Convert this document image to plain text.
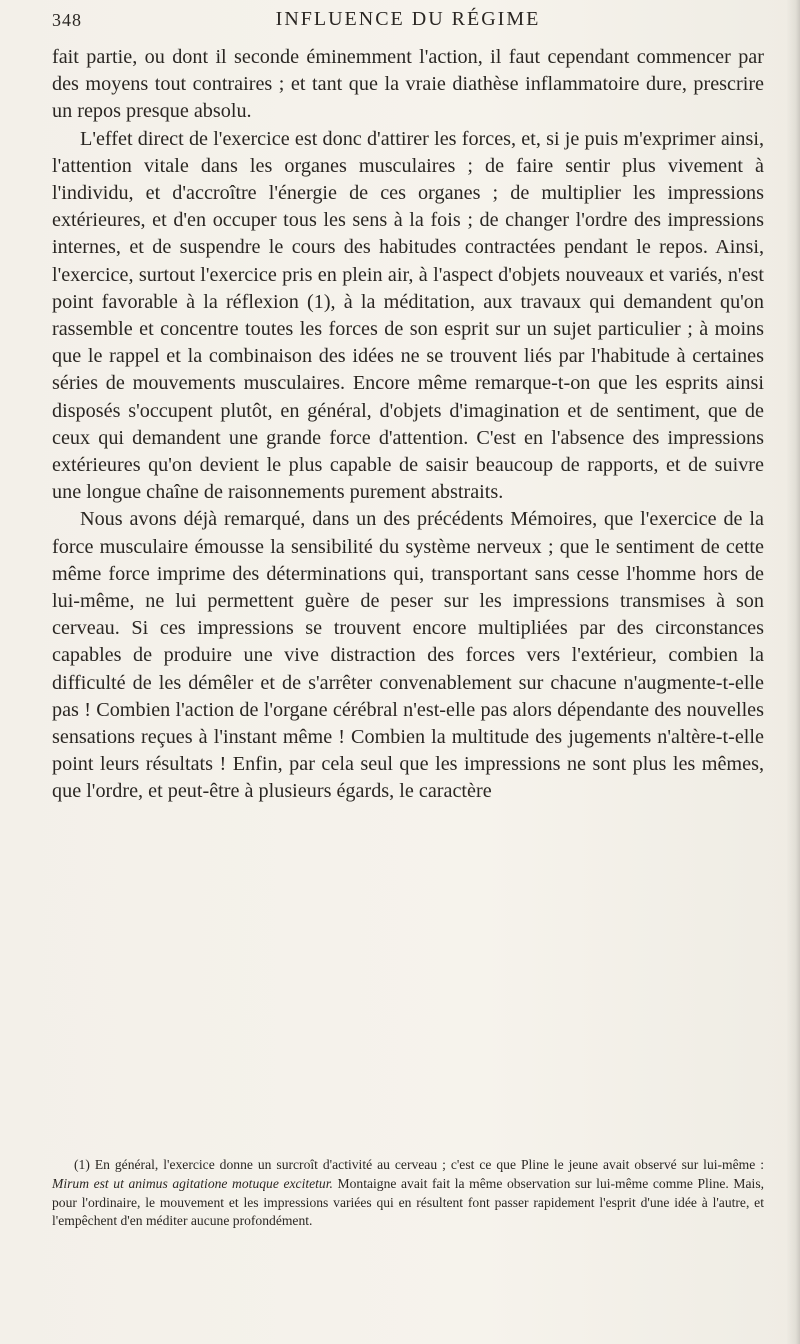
348	INFLUENCE DU RÉGIME

fait partie, ou dont il seconde éminemment l'action, il faut cependant commencer par des moyens tout contraires ; et tant que la vraie diathèse inflammatoire dure, prescrire un repos presque absolu.

L'effet direct de l'exercice est donc d'attirer les forces, et, si je puis m'exprimer ainsi, l'attention vitale dans les organes musculaires ; de faire sentir plus vivement à l'individu, et d'accroître l'énergie de ces organes ; de multiplier les impressions extérieures, et d'en occuper tous les sens à la fois ; de changer l'ordre des impressions internes, et de suspendre le cours des habitudes contractées pendant le repos. Ainsi, l'exercice, surtout l'exercice pris en plein air, à l'aspect d'objets nouveaux et variés, n'est point favorable à la réflexion (1), à la méditation, aux travaux qui demandent qu'on rassemble et concentre toutes les forces de son esprit sur un sujet particulier ; à moins que le rappel et la combinaison des idées ne se trouvent liés par l'habitude à certaines séries de mouvements musculaires. Encore même remarque-t-on que les esprits ainsi disposés s'occupent plutôt, en général, d'objets d'imagination et de sentiment, que de ceux qui demandent une grande force d'attention. C'est en l'absence des impressions extérieures qu'on devient le plus capable de saisir beaucoup de rapports, et de suivre une longue chaîne de raisonnements purement abstraits.

Nous avons déjà remarqué, dans un des précédents Mémoires, que l'exercice de la force musculaire émousse la sensibilité du système nerveux ; que le sentiment de cette même force imprime des déterminations qui, transportant sans cesse l'homme hors de lui-même, ne lui permettent guère de peser sur les impressions transmises à son cerveau. Si ces impressions se trouvent encore multipliées par des circonstances capables de produire une vive distraction des forces vers l'extérieur, combien la difficulté de les démêler et de s'arrêter convenablement sur chacune n'augmente-t-elle pas ! Combien l'action de l'organe cérébral n'est-elle pas alors dépendante des nouvelles sensations reçues à l'instant même ! Combien la multitude des jugements n'altère-t-elle point leurs résultats ! Enfin, par cela seul que les impressions ne sont plus les mêmes, que l'ordre, et peut-être à plusieurs égards, le caractère

(1) En général, l'exercice donne un surcroît d'activité au cerveau ; c'est ce que Pline le jeune avait observé sur lui-même : Mirum est ut animus agitatione motuque excitetur. Montaigne avait fait la même observation sur lui-même comme Pline. Mais, pour l'ordinaire, le mouvement et les impressions variées qui en résultent font passer rapidement l'esprit d'une idée à l'autre, et l'empêchent d'en méditer aucune profondément.
